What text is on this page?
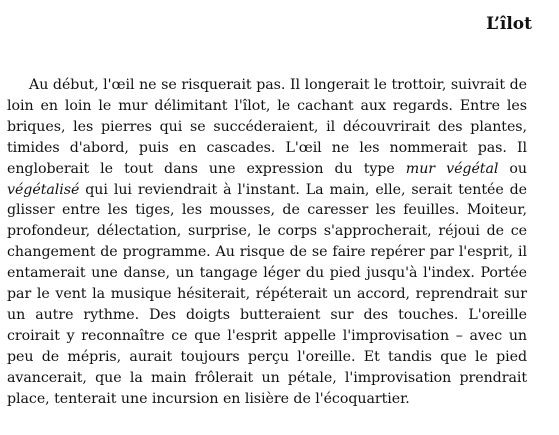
L’îlot

Au début, l'œil ne se risquerait pas. Il longerait le trottoir, suivrait de loin en loin le mur délimitant l'îlot, le cachant aux regards. Entre les briques, les pierres qui se succéderaient, il découvrirait des plantes, timides d'abord, puis en cascades. L'œil ne les nommerait pas. Il engloberait le tout dans une expression du type mur végétal ou végétalisé qui lui reviendrait à l'instant. La main, elle, serait tentée de glisser entre les tiges, les mousses, de caresser les feuilles. Moiteur, profondeur, délectation, surprise, le corps s'approcherait, réjoui de ce changement de programme. Au risque de se faire repérer par l'esprit, il entamerait une danse, un tangage léger du pied jusqu'à l'index. Portée par le vent la musique hésiterait, répéterait un accord, reprendrait sur un autre rythme. Des doigts butteraient sur des touches. L'oreille croirait y reconnaître ce que l'esprit appelle l'improvisation – avec un peu de mépris, aurait toujours perçu l'oreille. Et tandis que le pied avancerait, que la main frôlerait un pétale, l'improvisation prendrait place, tenterait une incursion en lisière de l'écoquartier.
